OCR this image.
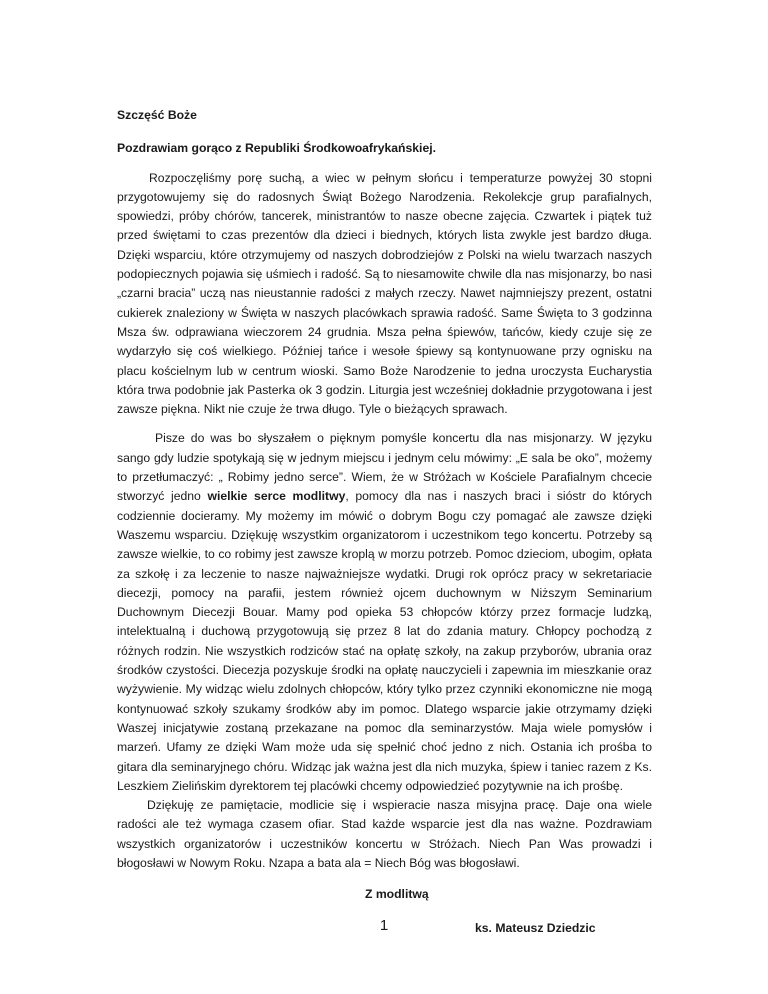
Szczęść Boże

Pozdrawiam gorąco z Republiki Środkowoafrykańskiej.

Rozpoczęliśmy porę suchą, a wiec w pełnym słońcu i temperaturze powyżej 30 stopni przygotowujemy się do radosnych Świąt Bożego Narodzenia. Rekolekcje grup parafialnych, spowiedzi, próby chórów, tancerek, ministrantów to nasze obecne zajęcia. Czwartek i piątek tuż przed świętami to czas prezentów dla dzieci i biednych, których lista zwykle jest bardzo długa. Dzięki wsparciu, które otrzymujemy od naszych dobrodziejów z Polski na wielu twarzach naszych podopiecznych pojawia się uśmiech i radość. Są to niesamowite chwile dla nas misjonarzy, bo nasi „czarni bracia” uczą nas nieustannie radości z małych rzeczy. Nawet najmniejszy prezent, ostatni cukierek znaleziony w Święta w naszych placówkach sprawia radość. Same Święta to 3 godzinna Msza św. odprawiana wieczorem 24 grudnia. Msza pełna śpiewów, tańców, kiedy czuje się ze wydarzyło się coś wielkiego. Później tańce i wesołe śpiewy są kontynuowane przy ognisku na placu kościelnym lub w centrum wioski. Samo Boże Narodzenie to jedna uroczysta Eucharystia która trwa podobnie jak Pasterka ok 3 godzin. Liturgia jest wcześniej dokładnie przygotowana i jest zawsze piękna. Nikt nie czuje że trwa długo. Tyle o bieżących sprawach.

Pisze do was bo słyszałem o pięknym pomyśle koncertu dla nas misjonarzy. W języku sango gdy ludzie spotykają się w jednym miejscu i jednym celu mówimy: „E sala be oko”, możemy to przetłumaczyć: „ Robimy jedno serce”. Wiem, że w Stróżach w Kościele Parafialnym chcecie stworzyć jedno wielkie serce modlitwy, pomocy dla nas i naszych braci i sióstr do których codziennie docieramy. My możemy im mówić o dobrym Bogu czy pomagać ale zawsze dzięki Waszemu wsparciu. Dziękuję wszystkim organizatorom i uczestnikom tego koncertu. Potrzeby są zawsze wielkie, to co robimy jest zawsze kroplą w morzu potrzeb. Pomoc dzieciom, ubogim, opłata za szkołę i za leczenie to nasze najważniejsze wydatki. Drugi rok oprócz pracy w sekretariacie diecezji, pomocy na parafii, jestem również ojcem duchownym w Niższym Seminarium Duchownym Diecezji Bouar. Mamy pod opieka 53 chłopców którzy przez formacje ludzką, intelektualną i duchową przygotowują się przez 8 lat do zdania matury. Chłopcy pochodzą z różnych rodzin. Nie wszystkich rodziców stać na opłatę szkoły, na zakup przyborów, ubrania oraz środków czystości. Diecezja pozyskuje środki na opłatę nauczycieli i zapewnia im mieszkanie oraz wyżywienie. My widząc wielu zdolnych chłopców, który tylko przez czynniki ekonomiczne nie mogą kontynuować szkoły szukamy środków aby im pomoc. Dlatego wsparcie jakie otrzymamy dzięki Waszej inicjatywie zostaną przekazane na pomoc dla seminarzystów. Maja wiele pomysłów i marzeń. Ufamy ze dzięki Wam może uda się spełnić choć jedno z nich. Ostania ich prośba to gitara dla seminaryjnego chóru. Widząc jak ważna jest dla nich muzyka, śpiew i taniec razem z Ks. Leszkiem Zielińskim dyrektorem tej placówki chcemy odpowiedzieć pozytywnie na ich prośbę.

Dziękuję ze pamiętacie, modlicie się i wspieracie nasza misyjna pracę. Daje ona wiele radości ale też wymaga czasem ofiar. Stad każde wsparcie jest dla nas ważne. Pozdrawiam wszystkich organizatorów i uczestników koncertu w Stróżach. Niech Pan Was prowadzi i błogosławi w Nowym Roku. Nzapa a bata ala = Niech Bóg was błogosławi.

Z modlitwą

ks. Mateusz Dziedzic

1
